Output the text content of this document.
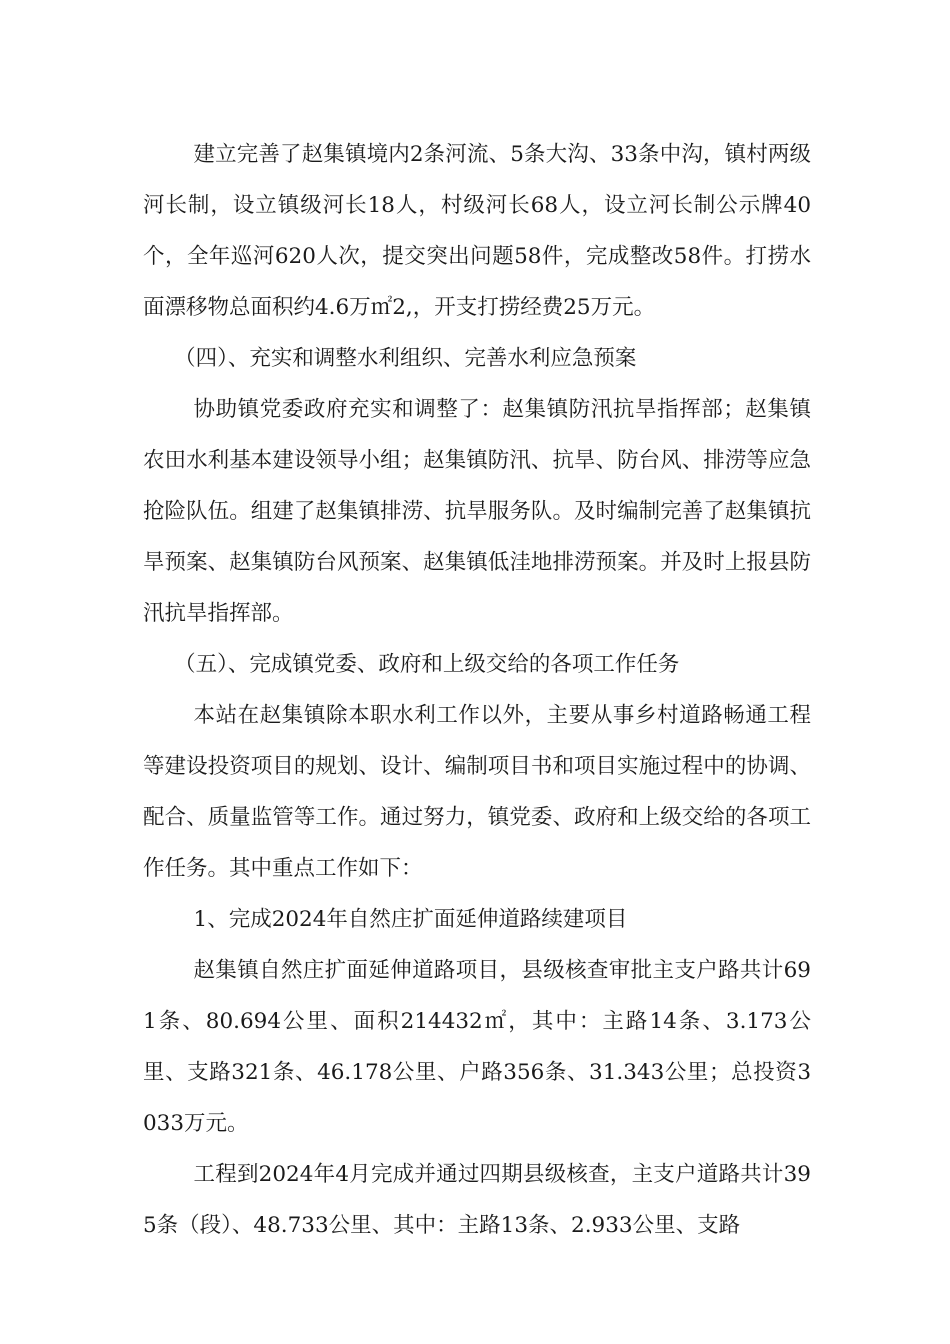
建立完善了赵集镇境内2条河流、5条大沟、33条中沟，镇村两级河长制，设立镇级河长18人，村级河长68人，设立河长制公示牌40个，全年巡河620人次，提交突出问题58件，完成整改58件。打捞水面漂移物总面积约4.6万㎡2,，开支打捞经费25万元。

（四）、充实和调整水利组织、完善水利应急预案

协助镇党委政府充实和调整了：赵集镇防汛抗旱指挥部；赵集镇农田水利基本建设领导小组；赵集镇防汛、抗旱、防台风、排涝等应急抢险队伍。组建了赵集镇排涝、抗旱服务队。及时编制完善了赵集镇抗旱预案、赵集镇防台风预案、赵集镇低洼地排涝预案。并及时上报县防汛抗旱指挥部。

（五）、完成镇党委、政府和上级交给的各项工作任务

本站在赵集镇除本职水利工作以外，主要从事乡村道路畅通工程等建设投资项目的规划、设计、编制项目书和项目实施过程中的协调、配合、质量监管等工作。通过努力，镇党委、政府和上级交给的各项工作任务。其中重点工作如下：

1、完成2024年自然庄扩面延伸道路续建项目

赵集镇自然庄扩面延伸道路项目，县级核查审批主支户路共计691条、80.694公里、面积214432㎡，其中：主路14条、3.173公里、支路321条、46.178公里、户路356条、31.343公里；总投资3033万元。

工程到2024年4月完成并通过四期县级核查，主支户道路共计395条（段）、48.733公里、其中：主路13条、2.933公里、支路
